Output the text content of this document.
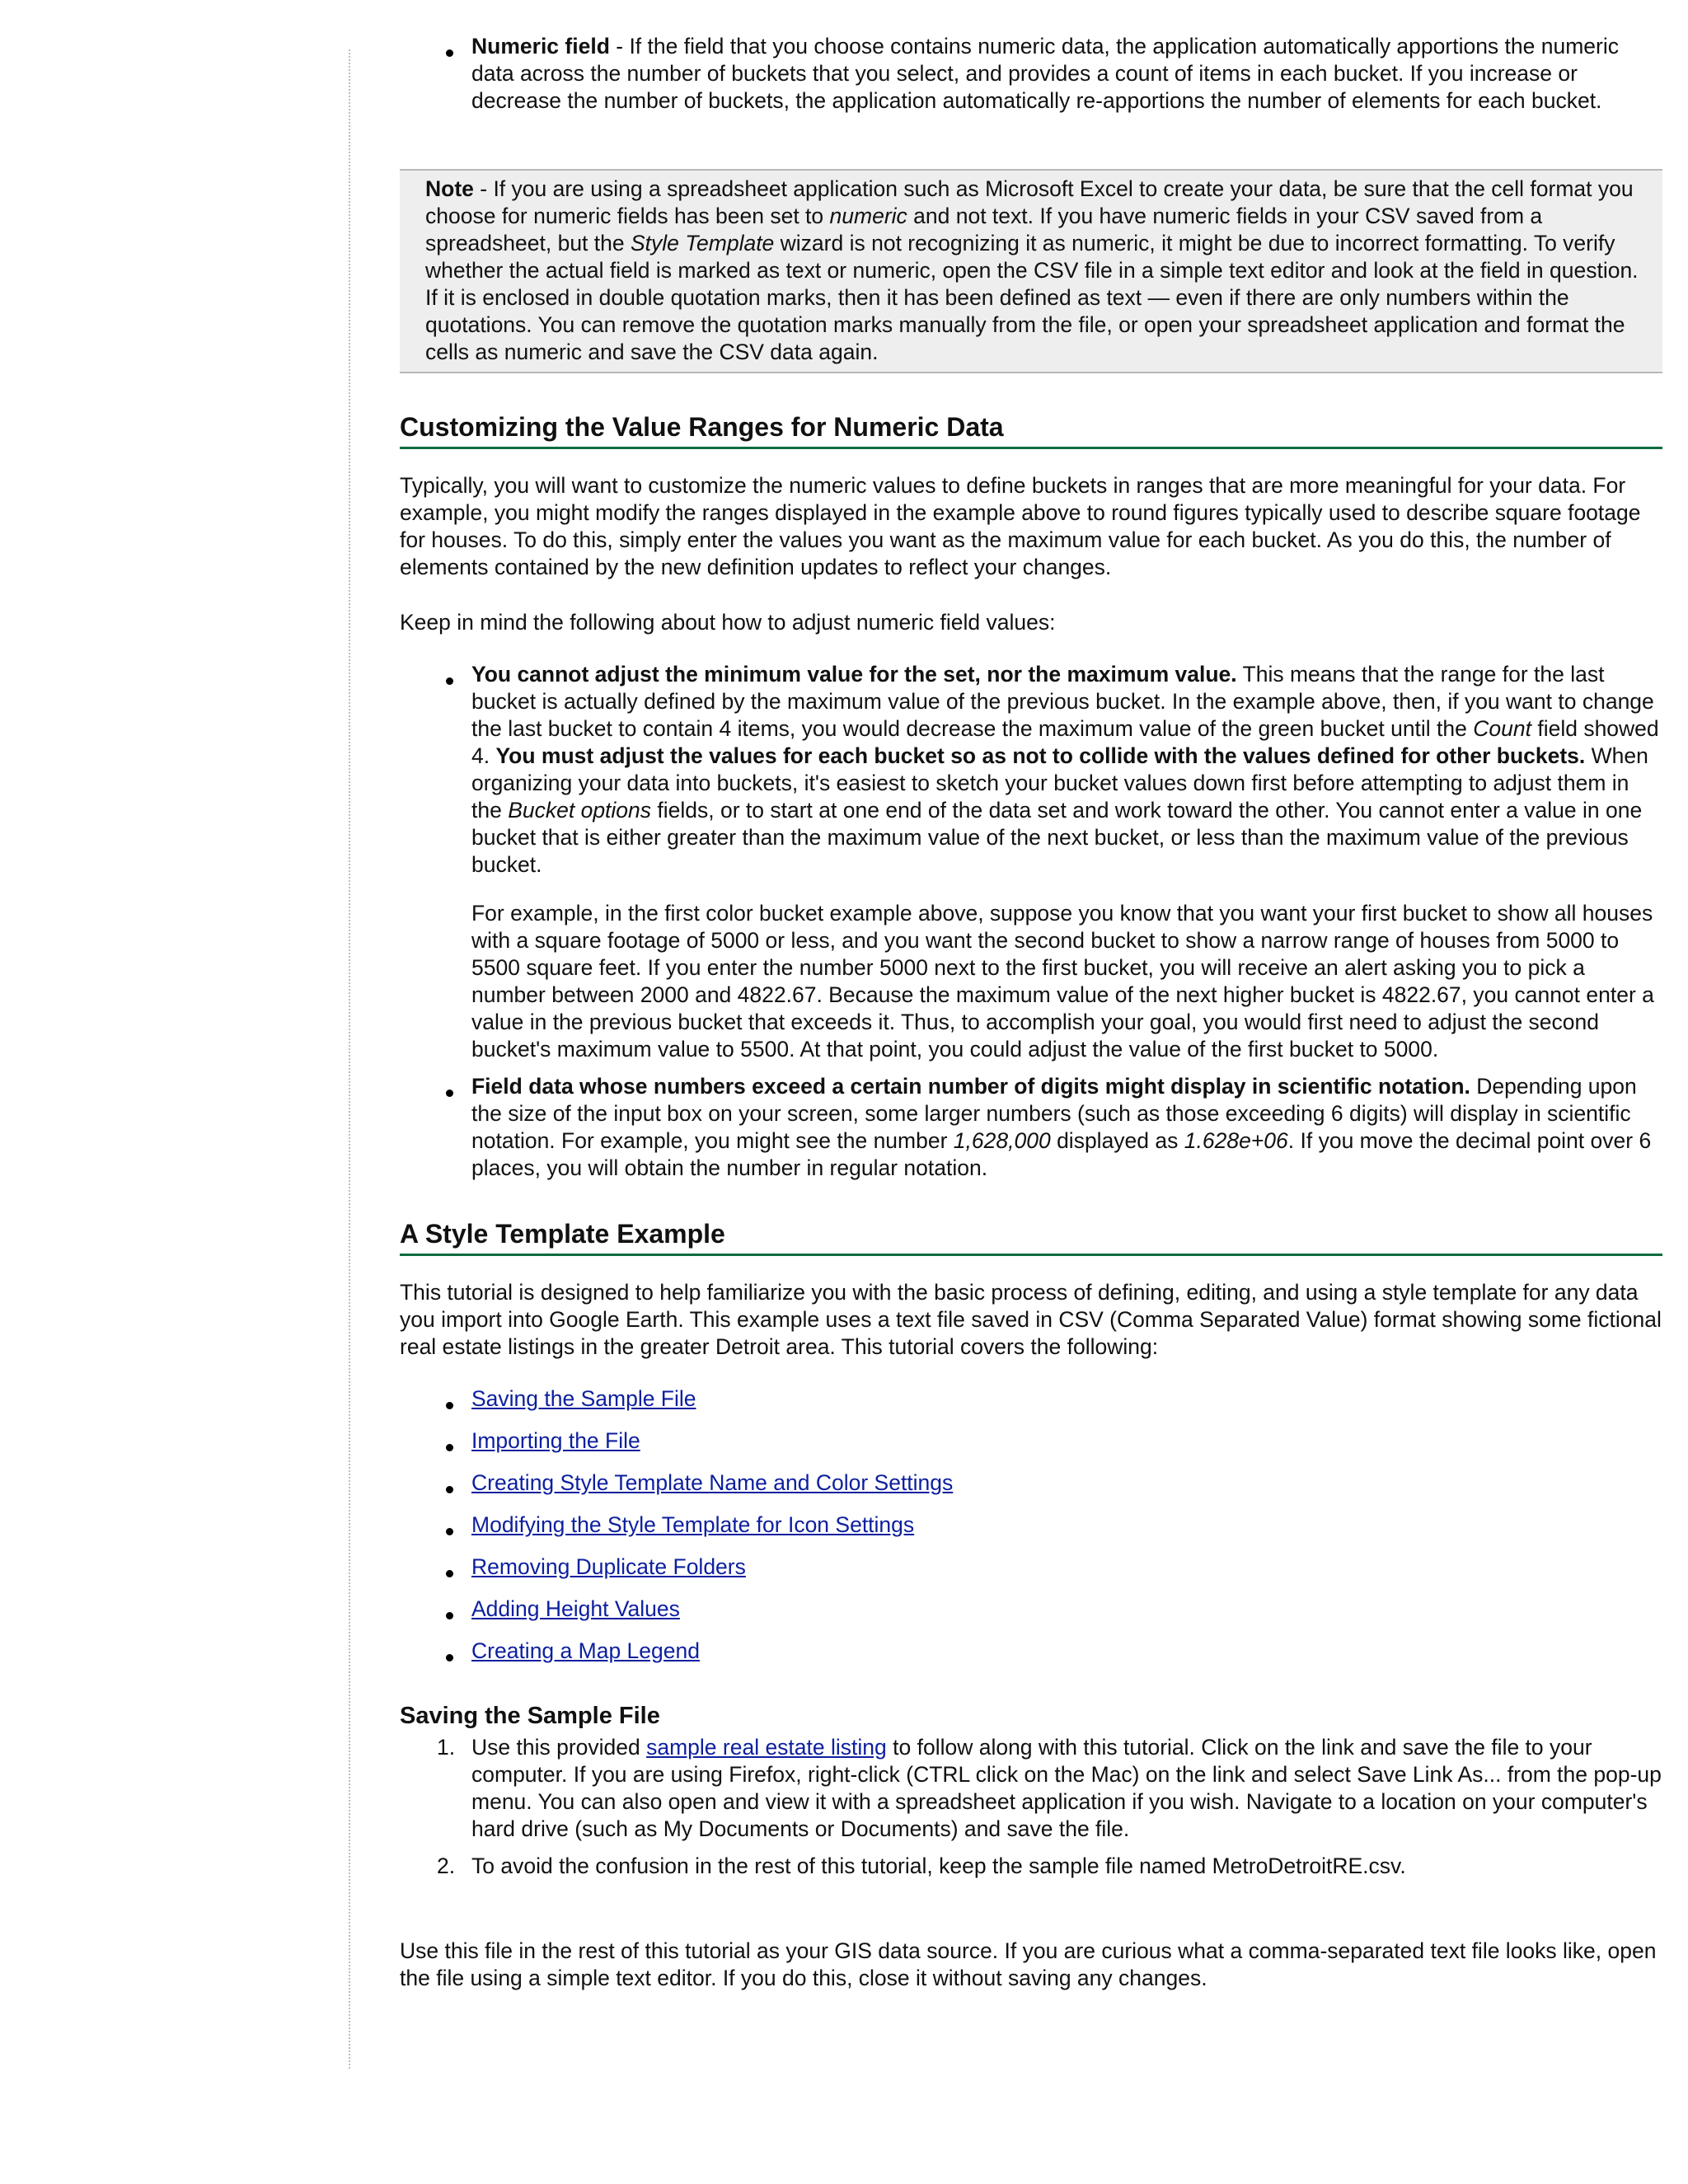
Numeric field - If the field that you choose contains numeric data, the application automatically apportions the numeric data across the number of buckets that you select, and provides a count of items in each bucket. If you increase or decrease the number of buckets, the application automatically re-apportions the number of elements for each bucket.

Note - If you are using a spreadsheet application such as Microsoft Excel to create your data, be sure that the cell format you choose for numeric fields has been set to numeric and not text. If you have numeric fields in your CSV saved from a spreadsheet, but the Style Template wizard is not recognizing it as numeric, it might be due to incorrect formatting. To verify whether the actual field is marked as text or numeric, open the CSV file in a simple text editor and look at the field in question. If it is enclosed in double quotation marks, then it has been defined as text — even if there are only numbers within the quotations. You can remove the quotation marks manually from the file, or open your spreadsheet application and format the cells as numeric and save the CSV data again.
Customizing the Value Ranges for Numeric Data

Typically, you will want to customize the numeric values to define buckets in ranges that are more meaningful for your data. For example, you might modify the ranges displayed in the example above to round figures typically used to describe square footage for houses. To do this, simply enter the values you want as the maximum value for each bucket. As you do this, the number of elements contained by the new definition updates to reflect your changes.

Keep in mind the following about how to adjust numeric field values:

You cannot adjust the minimum value for the set, nor the maximum value. This means that the range for the last bucket is actually defined by the maximum value of the previous bucket. In the example above, then, if you want to change the last bucket to contain 4 items, you would decrease the maximum value of the green bucket until the Count field showed 4. You must adjust the values for each bucket so as not to collide with the values defined for other buckets. When organizing your data into buckets, it's easiest to sketch your bucket values down first before attempting to adjust them in the Bucket options fields, or to start at one end of the data set and work toward the other. You cannot enter a value in one bucket that is either greater than the maximum value of the next bucket, or less than the maximum value of the previous bucket.

For example, in the first color bucket example above, suppose you know that you want your first bucket to show all houses with a square footage of 5000 or less, and you want the second bucket to show a narrow range of houses from 5000 to 5500 square feet. If you enter the number 5000 next to the first bucket, you will receive an alert asking you to pick a number between 2000 and 4822.67. Because the maximum value of the next higher bucket is 4822.67, you cannot enter a value in the previous bucket that exceeds it. Thus, to accomplish your goal, you would first need to adjust the second bucket's maximum value to 5500. At that point, you could adjust the value of the first bucket to 5000.

Field data whose numbers exceed a certain number of digits might display in scientific notation. Depending upon the size of the input box on your screen, some larger numbers (such as those exceeding 6 digits) will display in scientific notation. For example, you might see the number 1,628,000 displayed as 1.628e+06. If you move the decimal point over 6 places, you will obtain the number in regular notation.

A Style Template Example

This tutorial is designed to help familiarize you with the basic process of defining, editing, and using a style template for any data you import into Google Earth. This example uses a text file saved in CSV (Comma Separated Value) format showing some fictional real estate listings in the greater Detroit area. This tutorial covers the following:

Saving the Sample File
Importing the File
Creating Style Template Name and Color Settings
Modifying the Style Template for Icon Settings
Removing Duplicate Folders
Adding Height Values
Creating a Map Legend
Saving the Sample File
1. Use this provided sample real estate listing to follow along with this tutorial. Click on the link and save the file to your computer. If you are using Firefox, right-click (CTRL click on the Mac) on the link and select Save Link As... from the pop-up menu. You can also open and view it with a spreadsheet application if you wish. Navigate to a location on your computer's hard drive (such as My Documents or Documents) and save the file.
2. To avoid the confusion in the rest of this tutorial, keep the sample file named MetroDetroitRE.csv.

Use this file in the rest of this tutorial as your GIS data source. If you are curious what a comma-separated text file looks like, open the file using a simple text editor. If you do this, close it without saving any changes.
